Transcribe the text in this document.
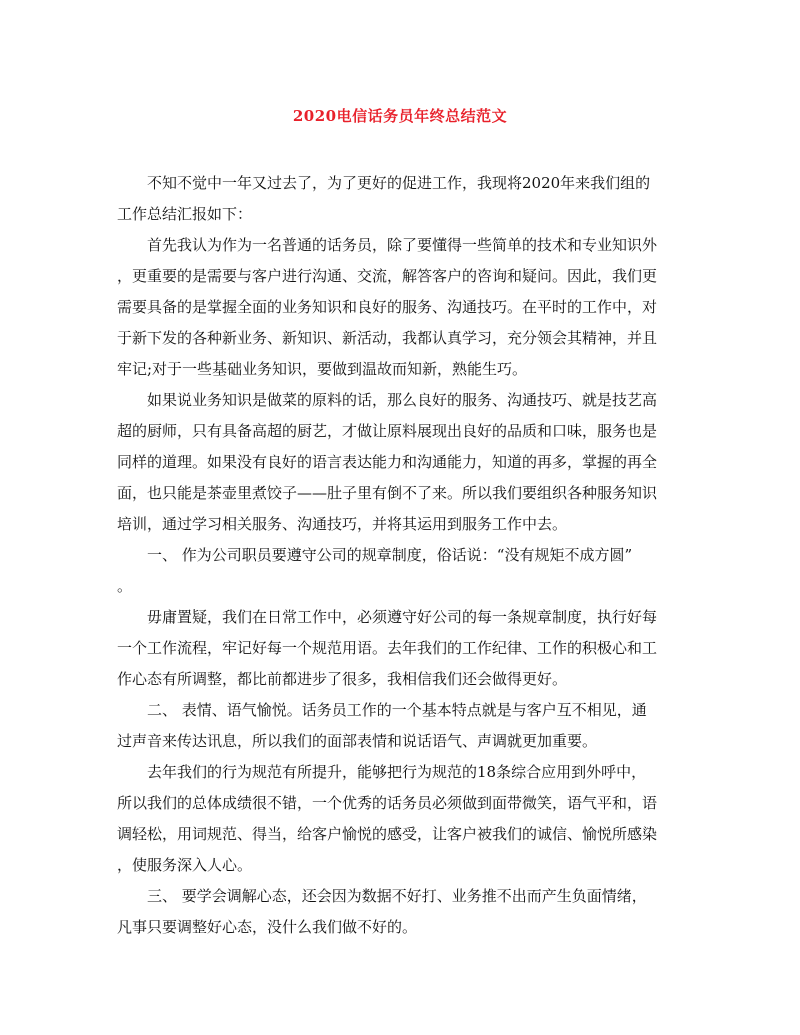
2020电信话务员年终总结范文
不知不觉中一年又过去了，为了更好的促进工作，我现将2020年来我们组的
工作总结汇报如下：
首先我认为作为一名普通的话务员，除了要懂得一些简单的技术和专业知识外
，更重要的是需要与客户进行沟通、交流，解答客户的咨询和疑问。因此，我们更
需要具备的是掌握全面的业务知识和良好的服务、沟通技巧。在平时的工作中，对
于新下发的各种新业务、新知识、新活动，我都认真学习，充分领会其精神，并且
牢记;对于一些基础业务知识，要做到温故而知新，熟能生巧。
如果说业务知识是做菜的原料的话，那么良好的服务、沟通技巧、就是技艺高
超的厨师，只有具备高超的厨艺，才做让原料展现出良好的品质和口味，服务也是
同样的道理。如果没有良好的语言表达能力和沟通能力，知道的再多，掌握的再全
面，也只能是茶壶里煮饺子——肚子里有倒不了来。所以我们要组织各种服务知识
培训，通过学习相关服务、沟通技巧，并将其运用到服务工作中去。
一、 作为公司职员要遵守公司的规章制度，俗话说：“没有规矩不成方圆”
。
毋庸置疑，我们在日常工作中，必须遵守好公司的每一条规章制度，执行好每
一个工作流程，牢记好每一个规范用语。去年我们的工作纪律、工作的积极心和工
作心态有所调整，都比前都进步了很多，我相信我们还会做得更好。
二、 表情、语气愉悦。话务员工作的一个基本特点就是与客户互不相见，通
过声音来传达讯息，所以我们的面部表情和说话语气、声调就更加重要。
去年我们的行为规范有所提升，能够把行为规范的18条综合应用到外呼中，
所以我们的总体成绩很不错，一个优秀的话务员必须做到面带微笑，语气平和，语
调轻松，用词规范、得当，给客户愉悦的感受，让客户被我们的诚信、愉悦所感染
，使服务深入人心。
三、 要学会调解心态，还会因为数据不好打、业务推不出而产生负面情绪，
凡事只要调整好心态，没什么我们做不好的。
